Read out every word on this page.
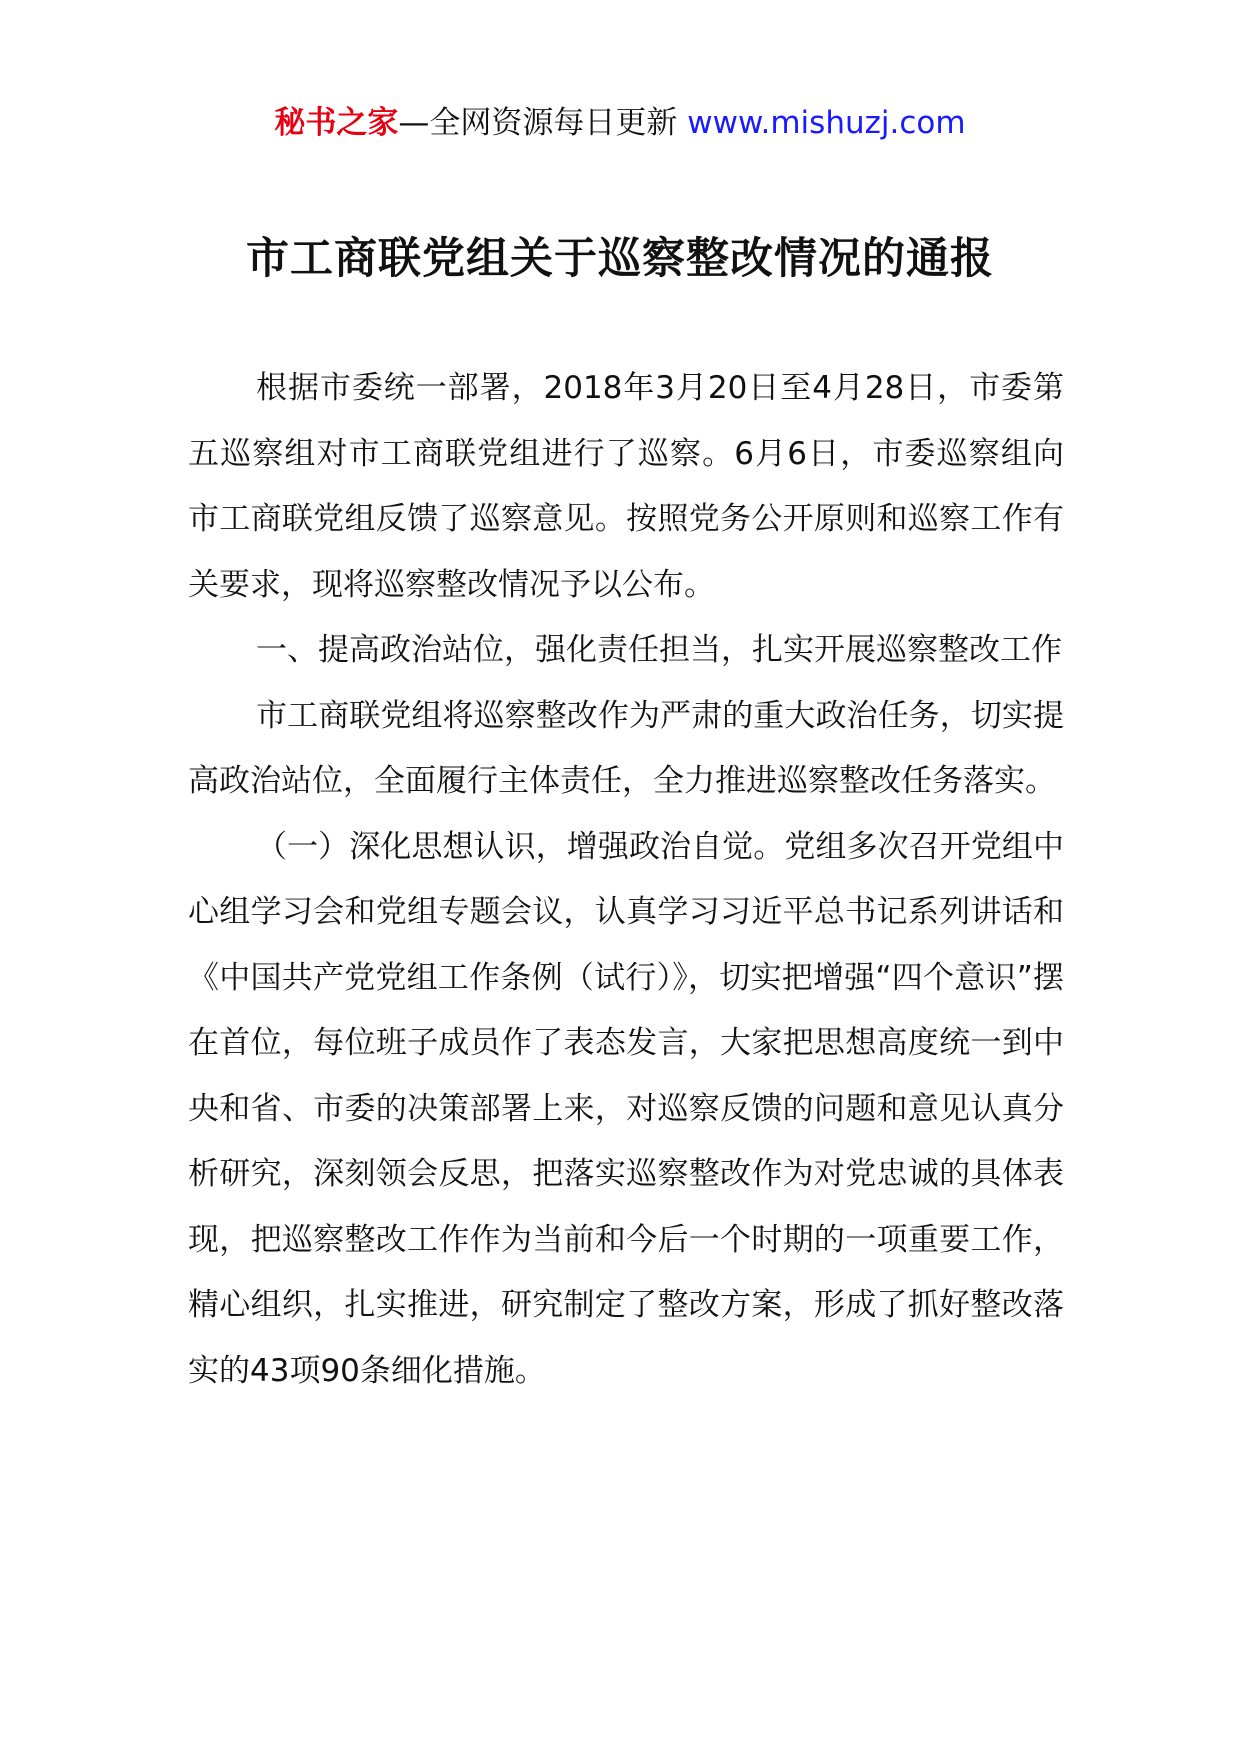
秘书之家—全网资源每日更新 www.mishuzj.com
市工商联党组关于巡察整改情况的通报

根据市委统一部署，2018年3月20日至4月28日，市委第五巡察组对市工商联党组进行了巡察。6月6日，市委巡察组向市工商联党组反馈了巡察意见。按照党务公开原则和巡察工作有关要求，现将巡察整改情况予以公布。

一、提高政治站位，强化责任担当，扎实开展巡察整改工作

市工商联党组将巡察整改作为严肃的重大政治任务，切实提高政治站位，全面履行主体责任，全力推进巡察整改任务落实。

（一）深化思想认识，增强政治自觉。党组多次召开党组中心组学习会和党组专题会议，认真学习习近平总书记系列讲话和《中国共产党党组工作条例（试行）》，切实把增强“四个意识”摆在首位，每位班子成员作了表态发言，大家把思想高度统一到中央和省、市委的决策部署上来，对巡察反馈的问题和意见认真分析研究，深刻领会反思，把落实巡察整改作为对党忠诚的具体表现，把巡察整改工作作为当前和今后一个时期的一项重要工作，精心组织，扎实推进，研究制定了整改方案，形成了抓好整改落实的43项90条细化措施。
